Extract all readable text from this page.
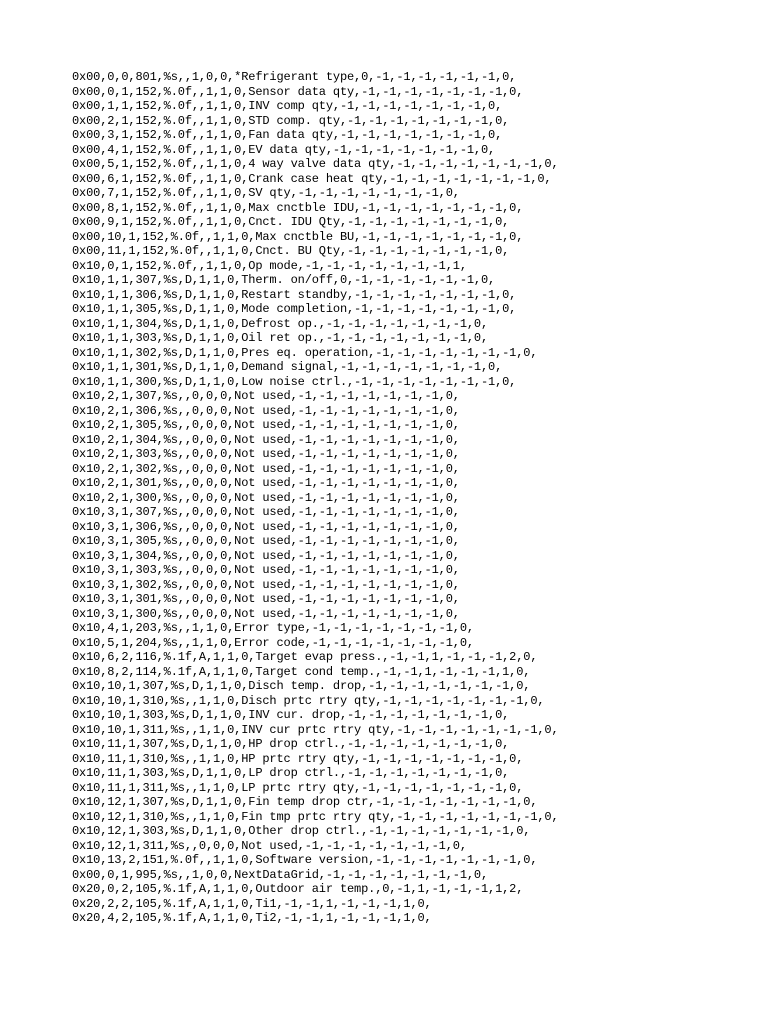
0x00,0,0,801,%s,,1,0,0,*Refrigerant type,0,-1,-1,-1,-1,-1,-1,0,
0x00,0,1,152,%.0f,,1,1,0,Sensor data qty,-1,-1,-1,-1,-1,-1,-1,0,
0x00,1,1,152,%.0f,,1,1,0,INV comp qty,-1,-1,-1,-1,-1,-1,-1,0,
0x00,2,1,152,%.0f,,1,1,0,STD comp. qty,-1,-1,-1,-1,-1,-1,-1,0,
0x00,3,1,152,%.0f,,1,1,0,Fan data qty,-1,-1,-1,-1,-1,-1,-1,0,
0x00,4,1,152,%.0f,,1,1,0,EV data qty,-1,-1,-1,-1,-1,-1,-1,0,
0x00,5,1,152,%.0f,,1,1,0,4 way valve data qty,-1,-1,-1,-1,-1,-1,-1,0,
0x00,6,1,152,%.0f,,1,1,0,Crank case heat qty,-1,-1,-1,-1,-1,-1,-1,0,
0x00,7,1,152,%.0f,,1,1,0,SV qty,-1,-1,-1,-1,-1,-1,-1,0,
0x00,8,1,152,%.0f,,1,1,0,Max cnctble IDU,-1,-1,-1,-1,-1,-1,-1,0,
0x00,9,1,152,%.0f,,1,1,0,Cnct. IDU Qty,-1,-1,-1,-1,-1,-1,-1,0,
0x00,10,1,152,%.0f,,1,1,0,Max cnctble BU,-1,-1,-1,-1,-1,-1,-1,0,
0x00,11,1,152,%.0f,,1,1,0,Cnct. BU Qty,-1,-1,-1,-1,-1,-1,-1,0,
0x10,0,1,152,%.0f,,1,1,0,Op mode,-1,-1,-1,-1,-1,-1,-1,1,
0x10,1,1,307,%s,D,1,1,0,Therm. on/off,0,-1,-1,-1,-1,-1,-1,0,
0x10,1,1,306,%s,D,1,1,0,Restart standby,-1,-1,-1,-1,-1,-1,-1,0,
0x10,1,1,305,%s,D,1,1,0,Mode completion,-1,-1,-1,-1,-1,-1,-1,0,
0x10,1,1,304,%s,D,1,1,0,Defrost op.,-1,-1,-1,-1,-1,-1,-1,0,
0x10,1,1,303,%s,D,1,1,0,Oil ret op.,-1,-1,-1,-1,-1,-1,-1,0,
0x10,1,1,302,%s,D,1,1,0,Pres eq. operation,-1,-1,-1,-1,-1,-1,-1,0,
0x10,1,1,301,%s,D,1,1,0,Demand signal,-1,-1,-1,-1,-1,-1,-1,0,
0x10,1,1,300,%s,D,1,1,0,Low noise ctrl.,-1,-1,-1,-1,-1,-1,-1,0,
0x10,2,1,307,%s,,0,0,0,Not used,-1,-1,-1,-1,-1,-1,-1,0,
0x10,2,1,306,%s,,0,0,0,Not used,-1,-1,-1,-1,-1,-1,-1,0,
0x10,2,1,305,%s,,0,0,0,Not used,-1,-1,-1,-1,-1,-1,-1,0,
0x10,2,1,304,%s,,0,0,0,Not used,-1,-1,-1,-1,-1,-1,-1,0,
0x10,2,1,303,%s,,0,0,0,Not used,-1,-1,-1,-1,-1,-1,-1,0,
0x10,2,1,302,%s,,0,0,0,Not used,-1,-1,-1,-1,-1,-1,-1,0,
0x10,2,1,301,%s,,0,0,0,Not used,-1,-1,-1,-1,-1,-1,-1,0,
0x10,2,1,300,%s,,0,0,0,Not used,-1,-1,-1,-1,-1,-1,-1,0,
0x10,3,1,307,%s,,0,0,0,Not used,-1,-1,-1,-1,-1,-1,-1,0,
0x10,3,1,306,%s,,0,0,0,Not used,-1,-1,-1,-1,-1,-1,-1,0,
0x10,3,1,305,%s,,0,0,0,Not used,-1,-1,-1,-1,-1,-1,-1,0,
0x10,3,1,304,%s,,0,0,0,Not used,-1,-1,-1,-1,-1,-1,-1,0,
0x10,3,1,303,%s,,0,0,0,Not used,-1,-1,-1,-1,-1,-1,-1,0,
0x10,3,1,302,%s,,0,0,0,Not used,-1,-1,-1,-1,-1,-1,-1,0,
0x10,3,1,301,%s,,0,0,0,Not used,-1,-1,-1,-1,-1,-1,-1,0,
0x10,3,1,300,%s,,0,0,0,Not used,-1,-1,-1,-1,-1,-1,-1,0,
0x10,4,1,203,%s,,1,1,0,Error type,-1,-1,-1,-1,-1,-1,-1,0,
0x10,5,1,204,%s,,1,1,0,Error code,-1,-1,-1,-1,-1,-1,-1,0,
0x10,6,2,116,%.1f,A,1,1,0,Target evap press.,-1,-1,1,-1,-1,-1,2,0,
0x10,8,2,114,%.1f,A,1,1,0,Target cond temp.,-1,-1,1,-1,-1,-1,1,0,
0x10,10,1,307,%s,D,1,1,0,Disch temp. drop,-1,-1,-1,-1,-1,-1,-1,0,
0x10,10,1,310,%s,,1,1,0,Disch prtc rtry qty,-1,-1,-1,-1,-1,-1,-1,0,
0x10,10,1,303,%s,D,1,1,0,INV cur. drop,-1,-1,-1,-1,-1,-1,-1,0,
0x10,10,1,311,%s,,1,1,0,INV cur prtc rtry qty,-1,-1,-1,-1,-1,-1,-1,0,
0x10,11,1,307,%s,D,1,1,0,HP drop ctrl.,-1,-1,-1,-1,-1,-1,-1,0,
0x10,11,1,310,%s,,1,1,0,HP prtc rtry qty,-1,-1,-1,-1,-1,-1,-1,0,
0x10,11,1,303,%s,D,1,1,0,LP drop ctrl.,-1,-1,-1,-1,-1,-1,-1,0,
0x10,11,1,311,%s,,1,1,0,LP prtc rtry qty,-1,-1,-1,-1,-1,-1,-1,0,
0x10,12,1,307,%s,D,1,1,0,Fin temp drop ctr,-1,-1,-1,-1,-1,-1,-1,0,
0x10,12,1,310,%s,,1,1,0,Fin tmp prtc rtry qty,-1,-1,-1,-1,-1,-1,-1,0,
0x10,12,1,303,%s,D,1,1,0,Other drop ctrl.,-1,-1,-1,-1,-1,-1,-1,0,
0x10,12,1,311,%s,,0,0,0,Not used,-1,-1,-1,-1,-1,-1,-1,0,
0x10,13,2,151,%.0f,,1,1,0,Software version,-1,-1,-1,-1,-1,-1,-1,0,
0x00,0,1,995,%s,,1,0,0,NextDataGrid,-1,-1,-1,-1,-1,-1,-1,0,
0x20,0,2,105,%.1f,A,1,1,0,Outdoor air temp.,0,-1,1,-1,-1,-1,1,2,
0x20,2,2,105,%.1f,A,1,1,0,Ti1,-1,-1,1,-1,-1,-1,1,0,
0x20,4,2,105,%.1f,A,1,1,0,Ti2,-1,-1,1,-1,-1,-1,1,0,
